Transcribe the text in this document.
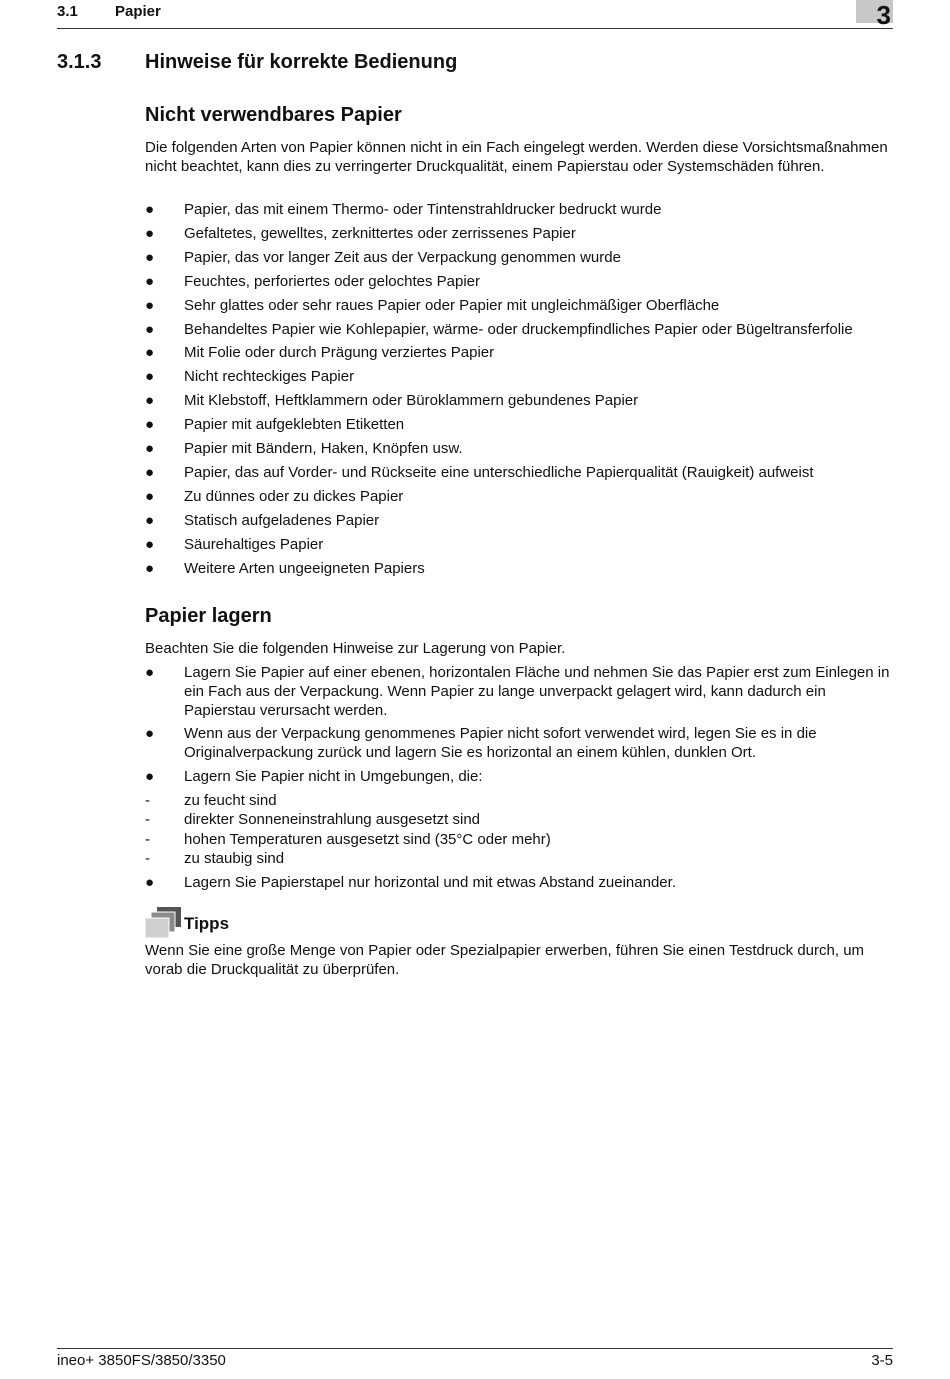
3.1 Papier	3
3.1.3 Hinweise für korrekte Bedienung
Nicht verwendbares Papier
Die folgenden Arten von Papier können nicht in ein Fach eingelegt werden. Werden diese Vorsichtsmaßnahmen nicht beachtet, kann dies zu verringerter Druckqualität, einem Papierstau oder Systemschäden führen.
●	Papier, das mit einem Thermo- oder Tintenstrahldrucker bedruckt wurde
●	Gefaltetes, gewelltes, zerknittertes oder zerrissenes Papier
●	Papier, das vor langer Zeit aus der Verpackung genommen wurde
●	Feuchtes, perforiertes oder gelochtes Papier
●	Sehr glattes oder sehr raues Papier oder Papier mit ungleichmäßiger Oberfläche
●	Behandeltes Papier wie Kohlepapier, wärme- oder druckempfindliches Papier oder Bügeltransferfolie
●	Mit Folie oder durch Prägung verziertes Papier
●	Nicht rechteckiges Papier
●	Mit Klebstoff, Heftklammern oder Büroklammern gebundenes Papier
●	Papier mit aufgeklebten Etiketten
●	Papier mit Bändern, Haken, Knöpfen usw.
●	Papier, das auf Vorder- und Rückseite eine unterschiedliche Papierqualität (Rauigkeit) aufweist
●	Zu dünnes oder zu dickes Papier
●	Statisch aufgeladenes Papier
●	Säurehaltiges Papier
●	Weitere Arten ungeeigneten Papiers
Papier lagern
Beachten Sie die folgenden Hinweise zur Lagerung von Papier.
●	Lagern Sie Papier auf einer ebenen, horizontalen Fläche und nehmen Sie das Papier erst zum Einlegen in ein Fach aus der Verpackung. Wenn Papier zu lange unverpackt gelagert wird, kann dadurch ein Papierstau verursacht werden.
●	Wenn aus der Verpackung genommenes Papier nicht sofort verwendet wird, legen Sie es in die Originalverpackung zurück und lagern Sie es horizontal an einem kühlen, dunklen Ort.
●	Lagern Sie Papier nicht in Umgebungen, die:
-	zu feucht sind
-	direkter Sonneneinstrahlung ausgesetzt sind
-	hohen Temperaturen ausgesetzt sind (35°C oder mehr)
-	zu staubig sind
●	Lagern Sie Papierstapel nur horizontal und mit etwas Abstand zueinander.
Tipps
Wenn Sie eine große Menge von Papier oder Spezialpapier erwerben, führen Sie einen Testdruck durch, um vorab die Druckqualität zu überprüfen.
ineo+ 3850FS/3850/3350	3-5
